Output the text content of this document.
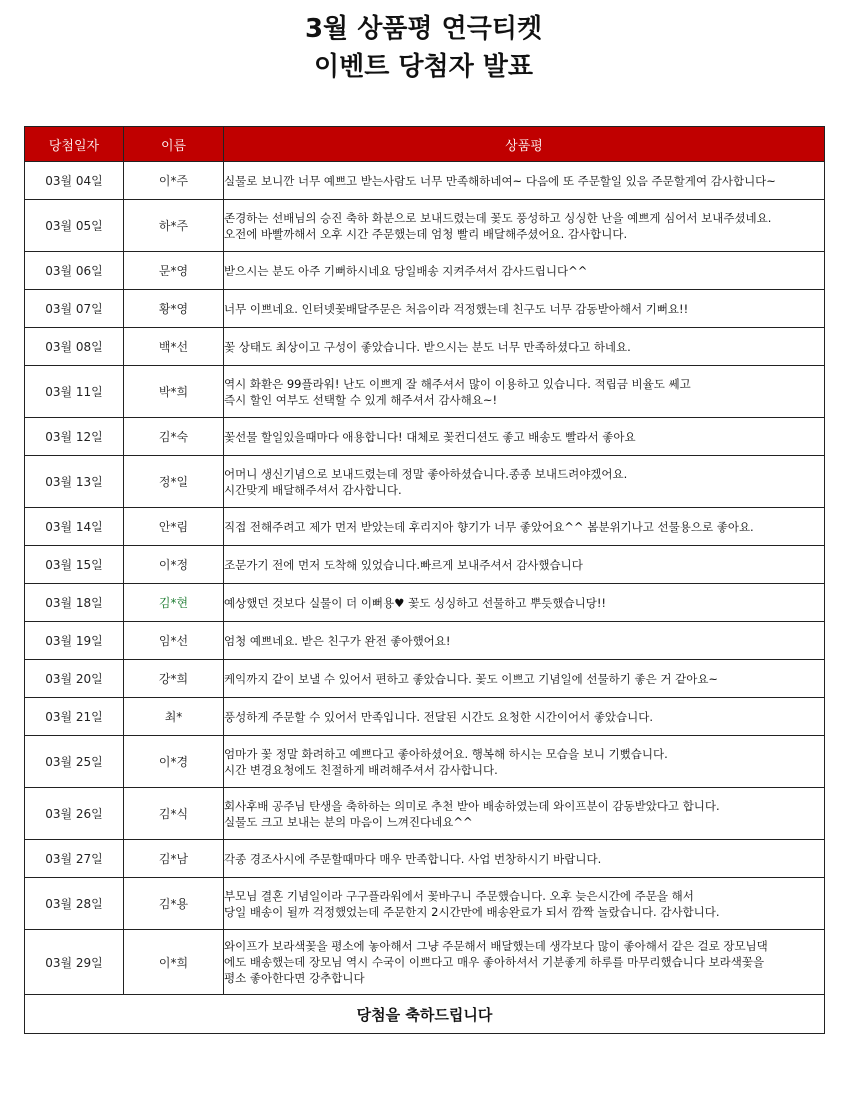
3월 상품평 연극티켓
이벤트 당첨자 발표
당첨일자	이름	상품평
03월 04일	이*주	실물로 보니깐 너무 예쁘고 받는사람도 너무 만족해하네여~ 다음에 또 주문할일 있음 주문할게여 감사합니다~
03월 05일	하*주	존경하는 선배님의 승진 축하 화분으로 보내드렸는데 꽃도 풍성하고 싱싱한 난을 예쁘게 심어서 보내주셨네요.
오전에 바빨까해서 오후 시간 주문했는데 엄청 빨리 배달해주셨어요. 감사합니다.
03월 06일	문*영	받으시는 분도 아주 기뻐하시네요 당일배송 지켜주셔서 감사드립니다^^
03월 07일	황*영	너무 이쁘네요. 인터넷꽃배달주문은 처음이라 걱정했는데 친구도 너무 감동받아해서 기뻐요!!
03월 08일	백*선	꽃 상태도 최상이고 구성이 좋았습니다. 받으시는 분도 너무 만족하셨다고 하네요.
03월 11일	박*희	역시 화환은 99플라워! 난도 이쁘게 잘 해주셔서 많이 이용하고 있습니다. 적립금 비율도 쎄고
즉시 할인 여부도 선택할 수 있게 해주셔서 감사해요~!
03월 12일	김*숙	꽃선물 할일있을때마다 애용합니다! 대체로 꽃컨디션도 좋고 배송도 빨라서 좋아요
03월 13일	정*일	어머니 생신기념으로 보내드렸는데 정말 좋아하셨습니다.종종 보내드려야겠어요.
시간맞게 배달해주셔서 감사합니다.
03월 14일	안*림	직접 전해주려고 제가 먼저 받았는데 후리지아 향기가 너무 좋았어요^^ 봄분위기나고 선물용으로 좋아요.
03월 15일	이*정	조문가기 전에 먼저 도착해 있었습니다.빠르게 보내주셔서 감사했습니다
03월 18일	김*현	예상했던 것보다 실물이 더 이뻐용♥ 꽃도 싱싱하고 선물하고 뿌듯했습니당!!
03월 19일	임*선	엄청 예쁘네요. 받은 친구가 완전 좋아했어요!
03월 20일	강*희	케익까지 같이 보낼 수 있어서 편하고 좋았습니다. 꽃도 이쁘고 기념일에 선물하기 좋은 거 같아요~
03월 21일	최*	풍성하게 주문할 수 있어서 만족입니다. 전달된 시간도 요청한 시간이어서 좋았습니다.
03월 25일	이*경	엄마가 꽃 정말 화려하고 예쁘다고 좋아하셨어요. 행복해 하시는 모습을 보니 기뻤습니다.
시간 변경요청에도 친절하게 배려해주셔서 감사합니다.
03월 26일	김*식	회사후배 공주님 탄생을 축하하는 의미로 추천 받아 배송하였는데 와이프분이 감동받았다고 합니다.
실물도 크고 보내는 분의 마음이 느껴진다네요^^
03월 27일	김*남	각종 경조사시에 주문할때마다 매우 만족합니다. 사업 번창하시기 바랍니다.
03월 28일	김*용	부모님 결혼 기념일이라 구구플라워에서 꽃바구니 주문했습니다. 오후 늦은시간에 주문을 해서
당일 배송이 될까 걱정했었는데 주문한지 2시간만에 배송완료가 되서 깜짝 놀랐습니다. 감사합니다.
03월 29일	이*희	와이프가 보라색꽃을 평소에 놓아해서 그냥 주문해서 배달했는데 생각보다 많이 좋아해서 같은 걸로 장모님댁
에도 배송했는데 장모님 역시 수국이 이쁘다고 매우 좋아하셔서 기분좋게 하루를 마무리했습니다 보라색꽃을
평소 좋아한다면 강추합니다
당첨을 축하드립니다		
